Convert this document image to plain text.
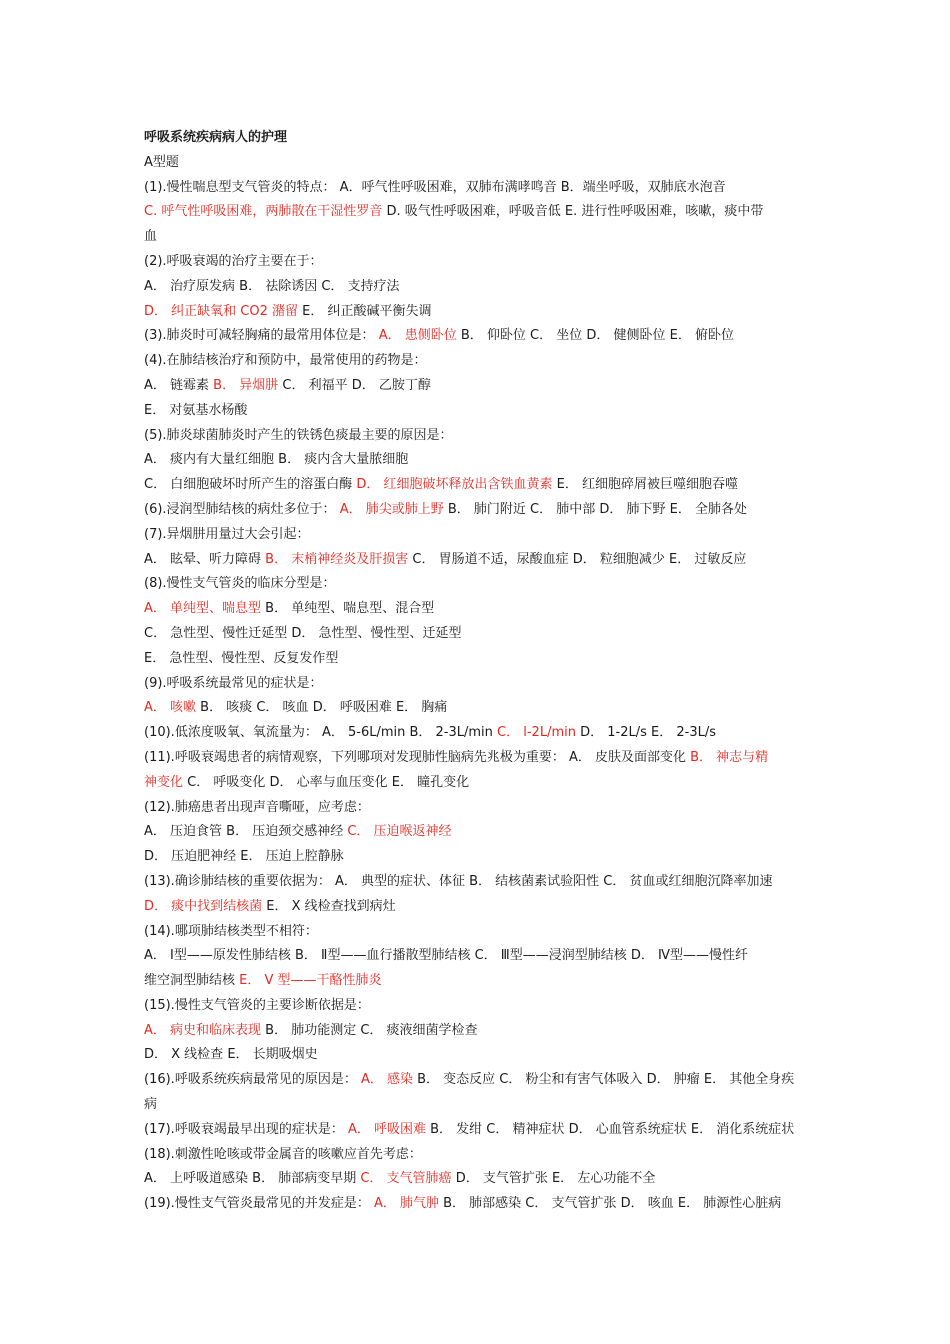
呼吸系统疾病病人的护理
A型题
(1).慢性喘息型支气管炎的特点： A．呼气性呼吸困难，双肺布满哮鸣音 B．端坐呼吸，双肺底水泡音
C. 呼气性呼吸困难，两肺散在干湿性罗音 D. 吸气性呼吸困难，呼吸音低 E. 进行性呼吸困难，咳嗽，痰中带
血
(2).呼吸衰竭的治疗主要在于：
A． 治疗原发病 B． 祛除诱因 C． 支持疗法
D． 纠正缺氧和 CO2 潴留 E． 纠正酸碱平衡失调
(3).肺炎时可减轻胸痛的最常用体位是： A． 患侧卧位 B． 仰卧位 C． 坐位 D． 健侧卧位 E． 俯卧位
(4).在肺结核治疗和预防中，最常使用的药物是：
A． 链霉素 B． 异烟肼 C． 利福平 D． 乙胺丁醇
E． 对氨基水杨酸
(5).肺炎球菌肺炎时产生的铁锈色痰最主要的原因是：
A． 痰内有大量红细胞 B． 痰内含大量脓细胞
C． 白细胞破坏时所产生的溶蛋白酶 D． 红细胞破坏释放出含铁血黄素 E． 红细胞碎屑被巨噬细胞吞噬
(6).浸润型肺结核的病灶多位于： A． 肺尖或肺上野 B． 肺门附近 C． 肺中部 D． 肺下野 E． 全肺各处
(7).异烟肼用量过大会引起：
A． 眩晕、听力障碍 B． 末梢神经炎及肝损害 C． 胃肠道不适，尿酸血症 D． 粒细胞减少 E． 过敏反应
(8).慢性支气管炎的临床分型是：
A． 单纯型、喘息型 B． 单纯型、喘息型、混合型
C． 急性型、慢性迁延型 D． 急性型、慢性型、迁延型
E． 急性型、慢性型、反复发作型
(9).呼吸系统最常见的症状是：
A． 咳嗽 B． 咳痰 C． 咳血 D． 呼吸困难 E． 胸痛
(10).低浓度吸氧、氧流量为： A． 5-6L/min B． 2-3L/min C． l-2L/min D． 1-2L/s E． 2-3L/s
(11).呼吸衰竭患者的病情观察，下列哪项对发现肺性脑病先兆极为重要： A． 皮肤及面部变化 B． 神志与精
神变化 C． 呼吸变化 D． 心率与血压变化 E． 瞳孔变化
(12).肺癌患者出现声音嘶哑，应考虑：
A． 压迫食管 B． 压迫颈交感神经 C． 压迫喉返神经
D． 压迫肥神经 E． 压迫上腔静脉
(13).确诊肺结核的重要依据为： A． 典型的症状、体征 B． 结核菌素试验阳性 C． 贫血或红细胞沉降率加速
D． 痰中找到结核菌 E． X 线检查找到病灶
(14).哪项肺结核类型不相符：
A． Ⅰ型——原发性肺结核 B． Ⅱ型——血行播散型肺结核 C． Ⅲ型——浸润型肺结核 D． Ⅳ型——慢性纤
维空洞型肺结核 E． V 型——干酪性肺炎
(15).慢性支气管炎的主要诊断依据是：
A． 病史和临床表现 B． 肺功能测定 C． 痰液细菌学检查
D． X 线检查 E． 长期吸烟史
(16).呼吸系统疾病最常见的原因是： A． 感染 B． 变态反应 C． 粉尘和有害气体吸入 D． 肿瘤 E． 其他全身疾
病
(17).呼吸衰竭最早出现的症状是： A． 呼吸困难 B． 发绀 C． 精神症状 D． 心血管系统症状 E． 消化系统症状
(18).刺激性呛咳或带金属音的咳嗽应首先考虑：
A． 上呼吸道感染 B． 肺部病变早期 C． 支气管肺癌 D． 支气管扩张 E． 左心功能不全
(19).慢性支气管炎最常见的并发症是： A． 肺气肿 B． 肺部感染 C． 支气管扩张 D． 咳血 E． 肺源性心脏病
